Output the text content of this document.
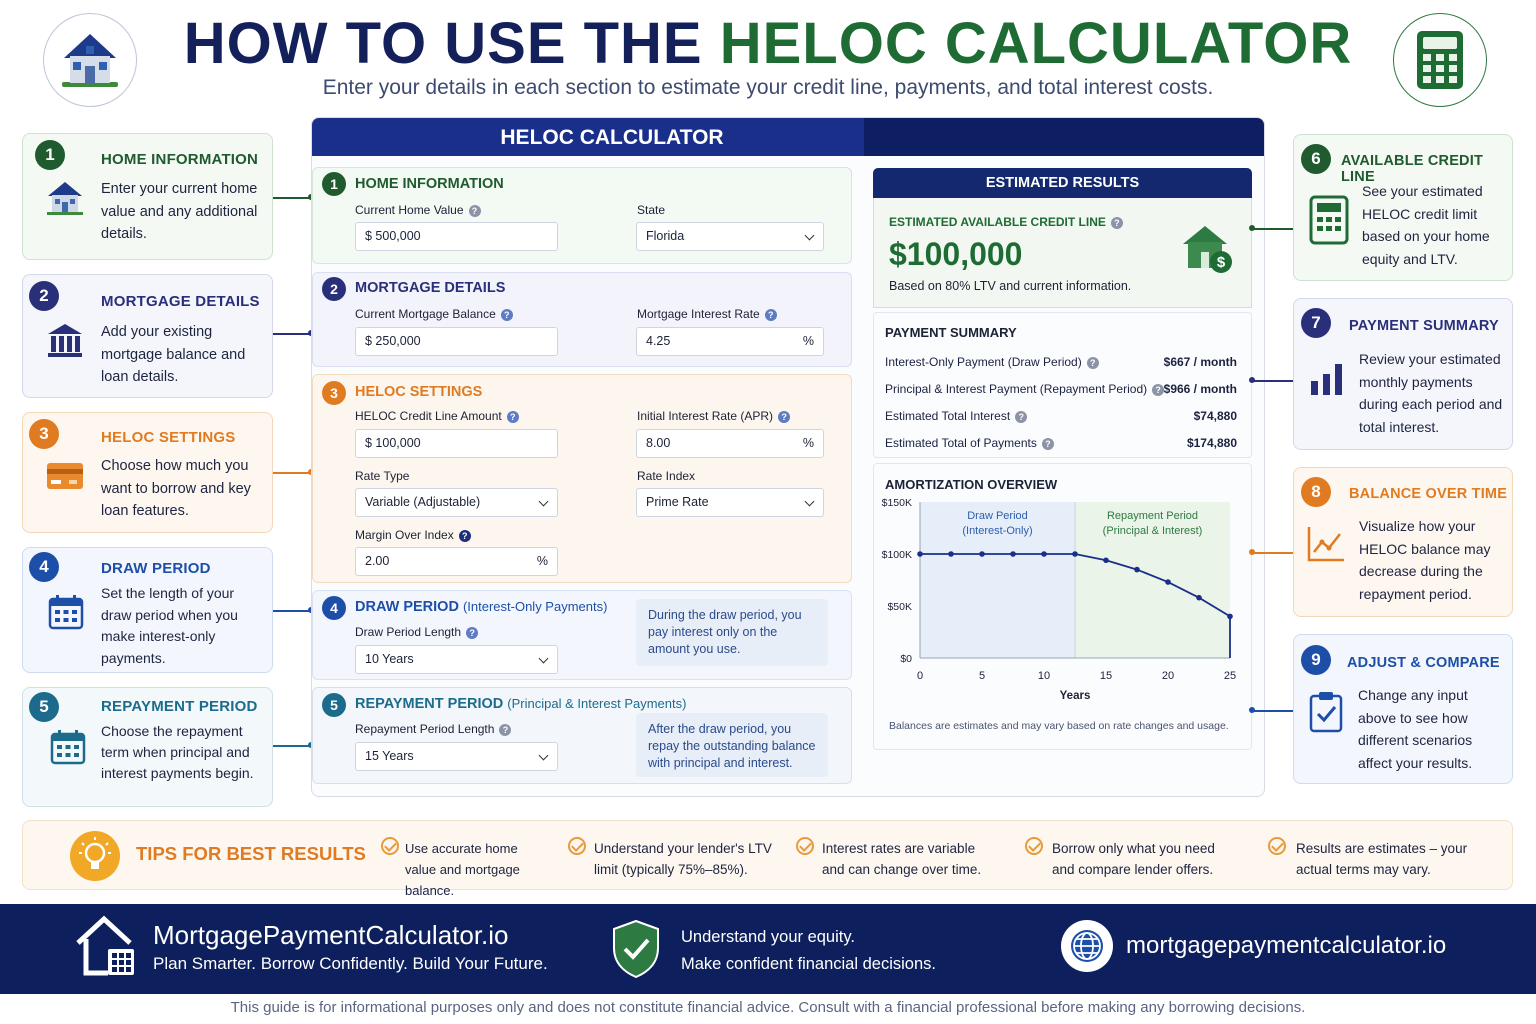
HOW TO USE THE HELOC CALCULATOR
Enter your details in each section to estimate your credit line, payments, and total interest costs.
1	HOME INFORMATION
Enter your current home value and any additional details.
2	MORTGAGE DETAILS
Add your existing mortgage balance and loan details.
3	HELOC SETTINGS
Choose how much you want to borrow and key loan features.
4	DRAW PERIOD
Set the length of your draw period when you make interest-only payments.
5	REPAYMENT PERIOD
Choose the repayment term when principal and interest payments begin.
HELOC CALCULATOR
1	HOME INFORMATION
Current Home Value ?
$ 500,000
State
Florida
2	MORTGAGE DETAILS
Current Mortgage Balance ?
$ 250,000
Mortgage Interest Rate ?
4.25	%
3	HELOC SETTINGS
HELOC Credit Line Amount ?
$ 100,000
Initial Interest Rate (APR) ?
8.00	%
Rate Type
Variable (Adjustable)
Rate Index
Prime Rate
Margin Over Index ?
2.00	%
4	DRAW PERIOD (Interest-Only Payments)
Draw Period Length ?
10 Years
During the draw period, you pay interest only on the amount you use.
5	REPAYMENT PERIOD (Principal & Interest Payments)
Repayment Period Length ?
15 Years
After the draw period, you repay the outstanding balance with principal and interest.
ESTIMATED RESULTS
ESTIMATED AVAILABLE CREDIT LINE ?
$100,000
Based on 80% LTV and current information.
$
PAYMENT SUMMARY
Interest-Only Payment (Draw Period) ?	$667 / month
Principal & Interest Payment (Repayment Period) ? $966 / month
Estimated Total Interest ?	$74,880
Estimated Total of Payments ?	$174,880
AMORTIZATION OVERVIEW
Draw Period
(Interest-Only)
Repayment Period
(Principal & Interest)
$0
$50K
$100K
$150K
0	5	10	15	20	25
Years
Balances are estimates and may vary based on rate changes and usage.
6	AVAILABLE CREDIT LINE
See your estimated HELOC credit limit based on your home equity and LTV.
7	PAYMENT SUMMARY
Review your estimated monthly payments during each period and total interest.
8	BALANCE OVER TIME
Visualize how your HELOC balance may decrease during the repayment period.
9	ADJUST & COMPARE
Change any input above to see how different scenarios affect your results.
TIPS FOR BEST RESULTS	Use accurate home value and mortgage balance.
Understand your lender's LTV limit (typically 75%–85%).
Interest rates are variable and can change over time.
Borrow only what you need and compare lender offers.
Results are estimates – your actual terms may vary.
MortgagePaymentCalculator.io
Plan Smarter. Borrow Confidently. Build Your Future.
Understand your equity.
Make confident financial decisions.
mortgagepaymentcalculator.io
This guide is for informational purposes only and does not constitute financial advice. Consult with a financial professional before making any borrowing decisions.
